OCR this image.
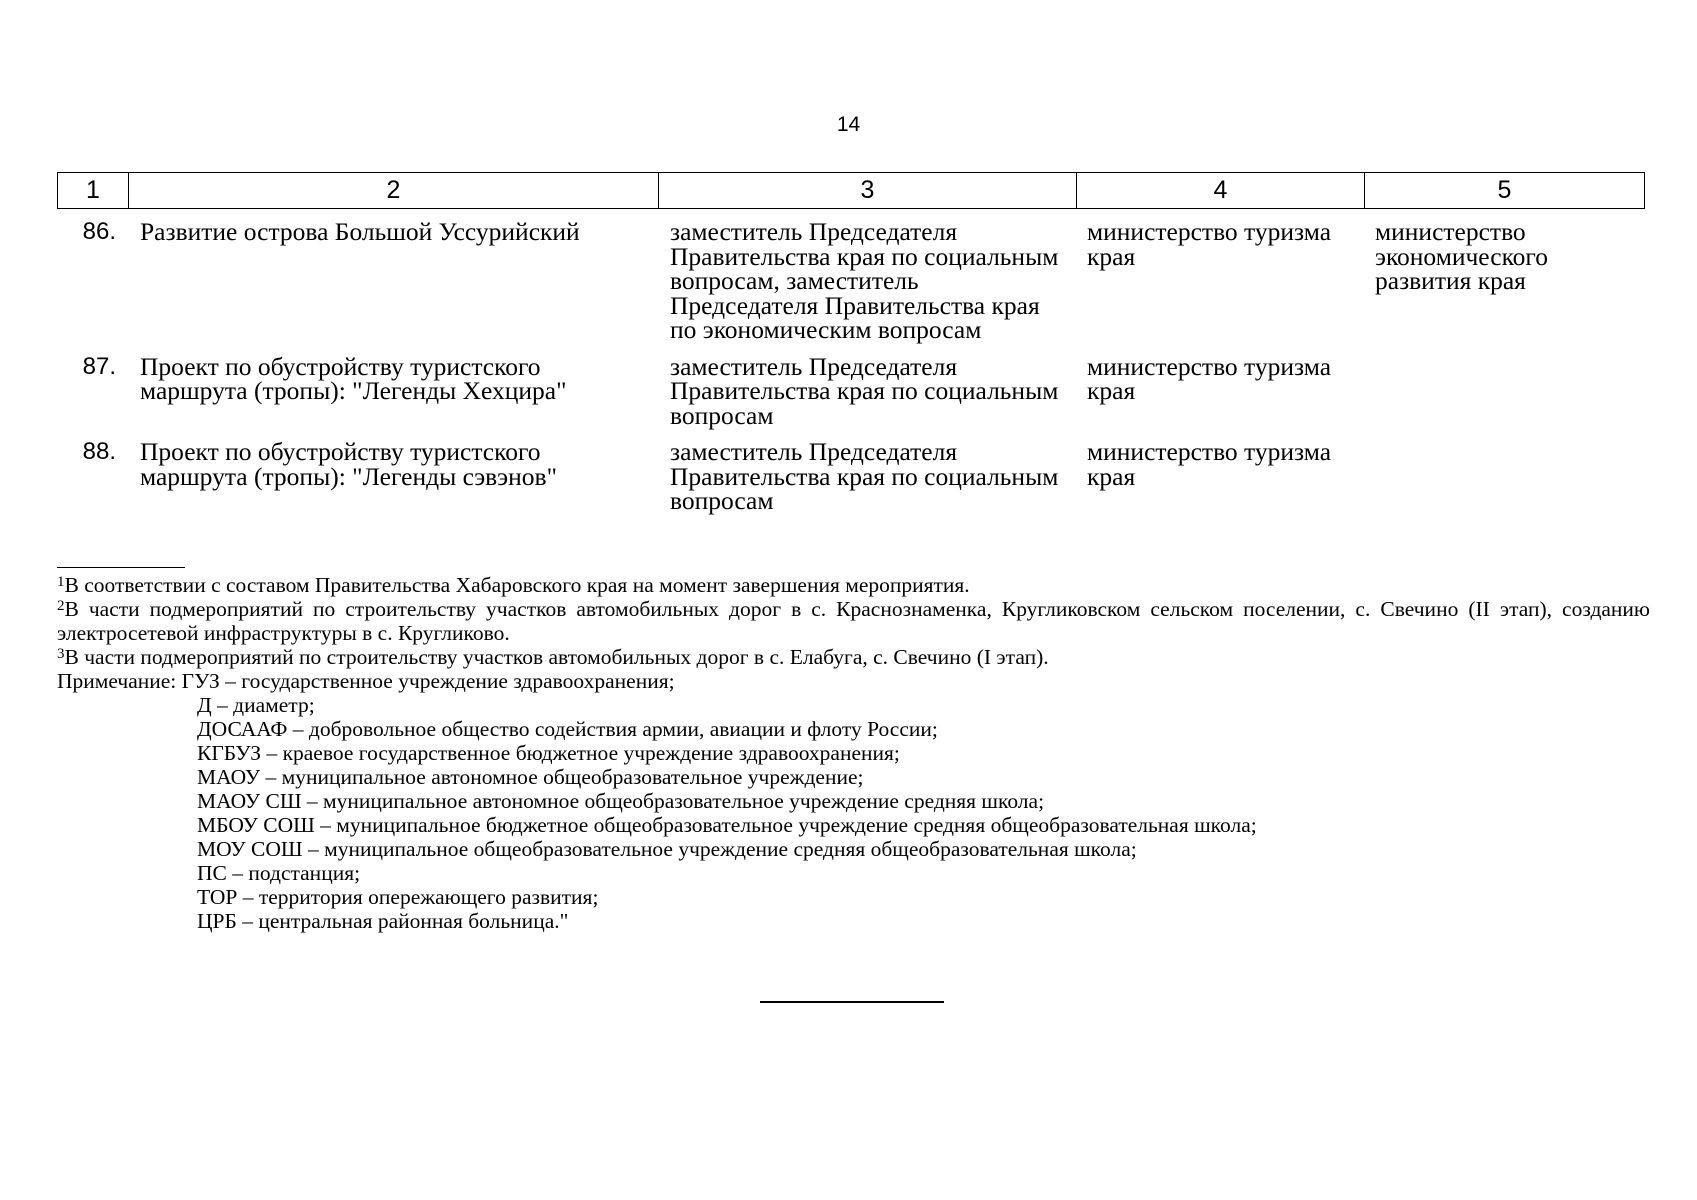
14
1	2	3	4	5
86.	Развитие острова Большой Уссурийский	заместитель Председателя Правительства края по социальным вопросам, заместитель Председателя Правительства края по экономическим вопросам	министерство туризма края	министерство экономического развития края
87.	Проект по обустройству туристского маршрута (тропы): "Легенды Хехцира"	заместитель Председателя Правительства края по социальным вопросам	министерство туризма края	
88.	Проект по обустройству туристского маршрута (тропы): "Легенды сэвэнов"	заместитель Председателя Правительства края по социальным вопросам	министерство туризма края	

$^1$В соответствии с составом Правительства Хабаровского края на момент завершения мероприятия.

$^2$В части подмероприятий по строительству участков автомобильных дорог в с. Краснознаменка, Кругликовском сельском поселении, с. Свечино (II этап), созданию электросетевой инфраструктуры в с. Кругликово.

$^3$В части подмероприятий по строительству участков автомобильных дорог в с. Елабуга, с. Свечино (I этап).

Примечание: ГУЗ – государственное учреждение здравоохранения;

Д – диаметр;
ДОСААФ – добровольное общество содействия армии, авиации и флоту России;
КГБУЗ – краевое государственное бюджетное учреждение здравоохранения;
МАОУ – муниципальное автономное общеобразовательное учреждение;
МАОУ СШ – муниципальное автономное общеобразовательное учреждение средняя школа;
МБОУ СОШ – муниципальное бюджетное общеобразовательное учреждение средняя общеобразовательная школа;
МОУ СОШ – муниципальное общеобразовательное учреждение средняя общеобразовательная школа;
ПС – подстанция;
ТОР – территория опережающего развития;
ЦРБ – центральная районная больница."
